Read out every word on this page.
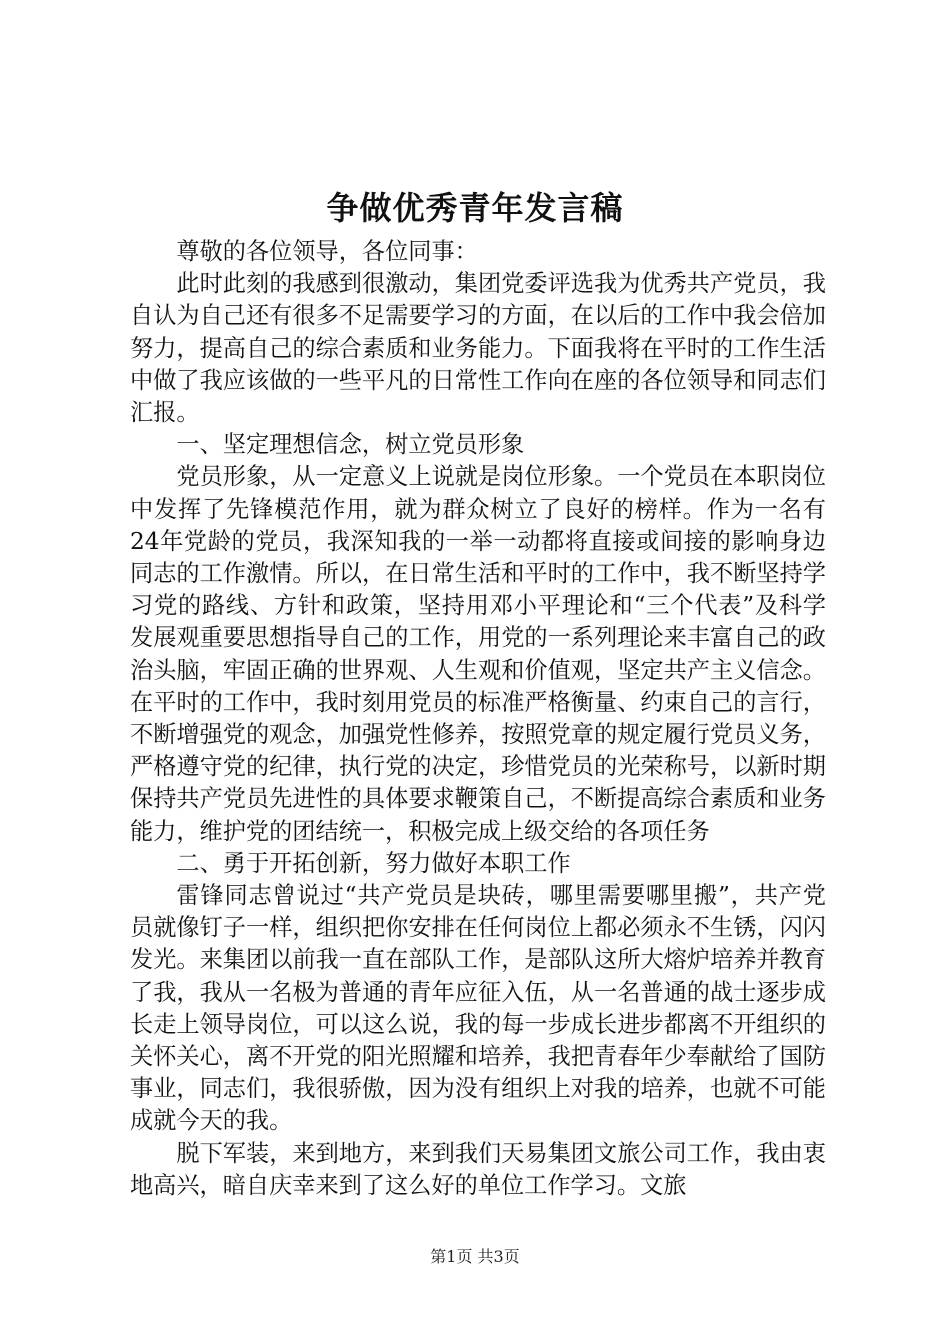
争做优秀青年发言稿

尊敬的各位领导，各位同事：

此时此刻的我感到很激动，集团党委评选我为优秀共产党员，我自认为自己还有很多不足需要学习的方面，在以后的工作中我会倍加努力，提高自己的综合素质和业务能力。下面我将在平时的工作生活中做了我应该做的一些平凡的日常性工作向在座的各位领导和同志们汇报。

一、坚定理想信念，树立党员形象

党员形象，从一定意义上说就是岗位形象。一个党员在本职岗位中发挥了先锋模范作用，就为群众树立了良好的榜样。作为一名有24年党龄的党员，我深知我的一举一动都将直接或间接的影响身边同志的工作激情。所以，在日常生活和平时的工作中，我不断坚持学习党的路线、方针和政策，坚持用邓小平理论和“三个代表”及科学发展观重要思想指导自己的工作，用党的一系列理论来丰富自己的政治头脑，牢固正确的世界观、人生观和价值观，坚定共产主义信念。在平时的工作中，我时刻用党员的标准严格衡量、约束自己的言行，不断增强党的观念，加强党性修养，按照党章的规定履行党员义务，严格遵守党的纪律，执行党的决定，珍惜党员的光荣称号，以新时期保持共产党员先进性的具体要求鞭策自己，不断提高综合素质和业务能力，维护党的团结统一，积极完成上级交给的各项任务

二、勇于开拓创新，努力做好本职工作

雷锋同志曾说过“共产党员是块砖，哪里需要哪里搬”，共产党员就像钉子一样，组织把你安排在任何岗位上都必须永不生锈，闪闪发光。来集团以前我一直在部队工作，是部队这所大熔炉培养并教育了我，我从一名极为普通的青年应征入伍，从一名普通的战士逐步成长走上领导岗位，可以这么说，我的每一步成长进步都离不开组织的关怀关心，离不开党的阳光照耀和培养，我把青春年少奉献给了国防事业，同志们，我很骄傲，因为没有组织上对我的培养，也就不可能成就今天的我。

脱下军装，来到地方，来到我们天易集团文旅公司工作，我由衷地高兴，暗自庆幸来到了这么好的单位工作学习。文旅

第1页 共3页
